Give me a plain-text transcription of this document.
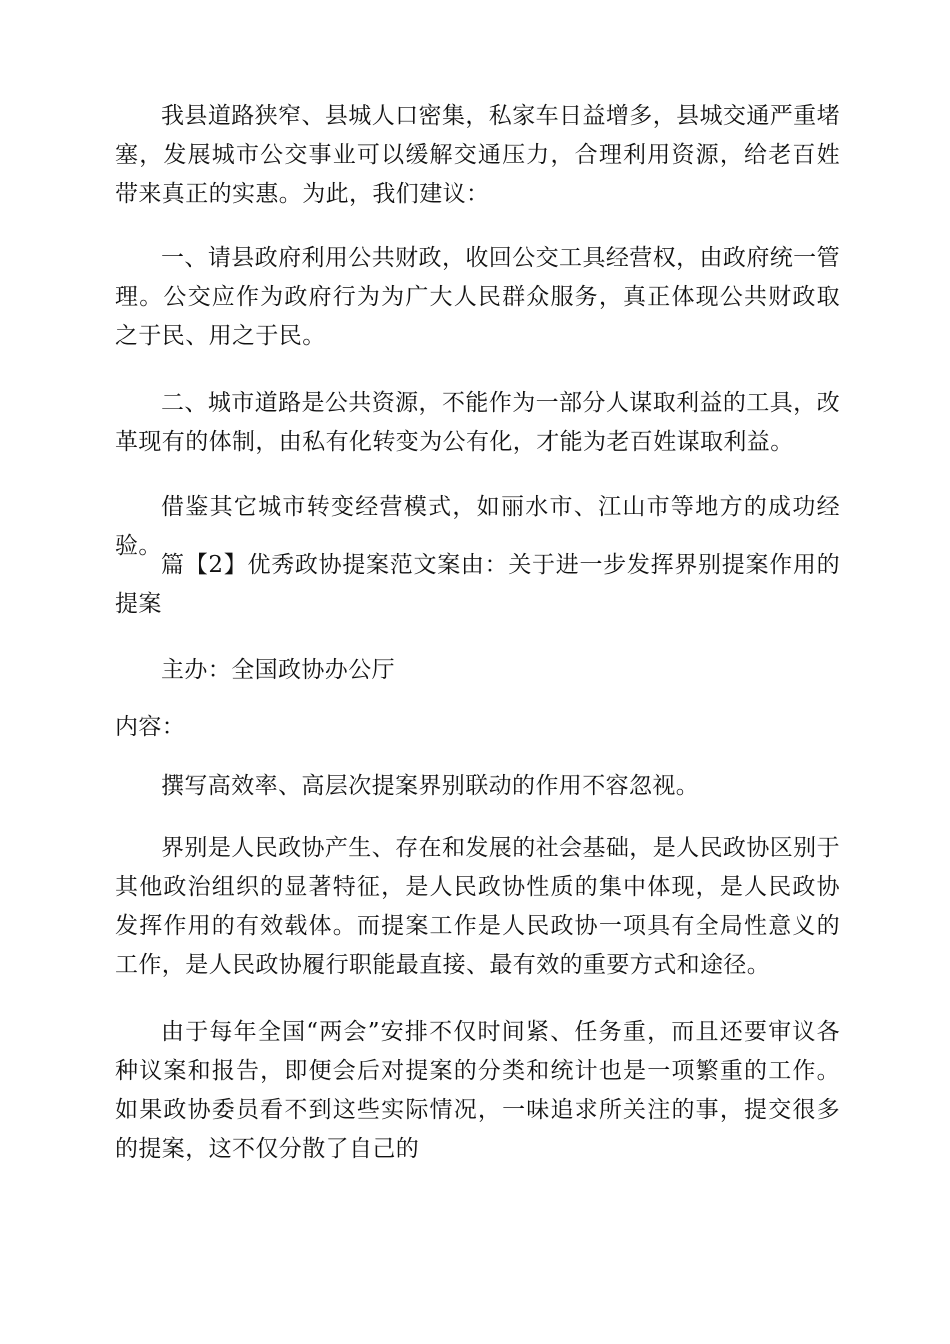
我县道路狭窄、县城人口密集，私家车日益增多，县城交通严重堵塞，发展城市公交事业可以缓解交通压力，合理利用资源，给老百姓带来真正的实惠。为此，我们建议：

一、请县政府利用公共财政，收回公交工具经营权，由政府统一管理。公交应作为政府行为为广大人民群众服务，真正体现公共财政取之于民、用之于民。

二、城市道路是公共资源，不能作为一部分人谋取利益的工具，改革现有的体制，由私有化转变为公有化，才能为老百姓谋取利益。

借鉴其它城市转变经营模式，如丽水市、江山市等地方的成功经验。

篇【2】优秀政协提案范文案由：关于进一步发挥界别提案作用的提案

主办：全国政协办公厅

内容：

撰写高效率、高层次提案界别联动的作用不容忽视。

界别是人民政协产生、存在和发展的社会基础，是人民政协区别于其他政治组织的显著特征，是人民政协性质的集中体现，是人民政协发挥作用的有效载体。而提案工作是人民政协一项具有全局性意义的工作，是人民政协履行职能最直接、最有效的重要方式和途径。

由于每年全国“两会”安排不仅时间紧、任务重，而且还要审议各种议案和报告，即便会后对提案的分类和统计也是一项繁重的工作。如果政协委员看不到这些实际情况，一味追求所关注的事，提交很多的提案，这不仅分散了自己的
